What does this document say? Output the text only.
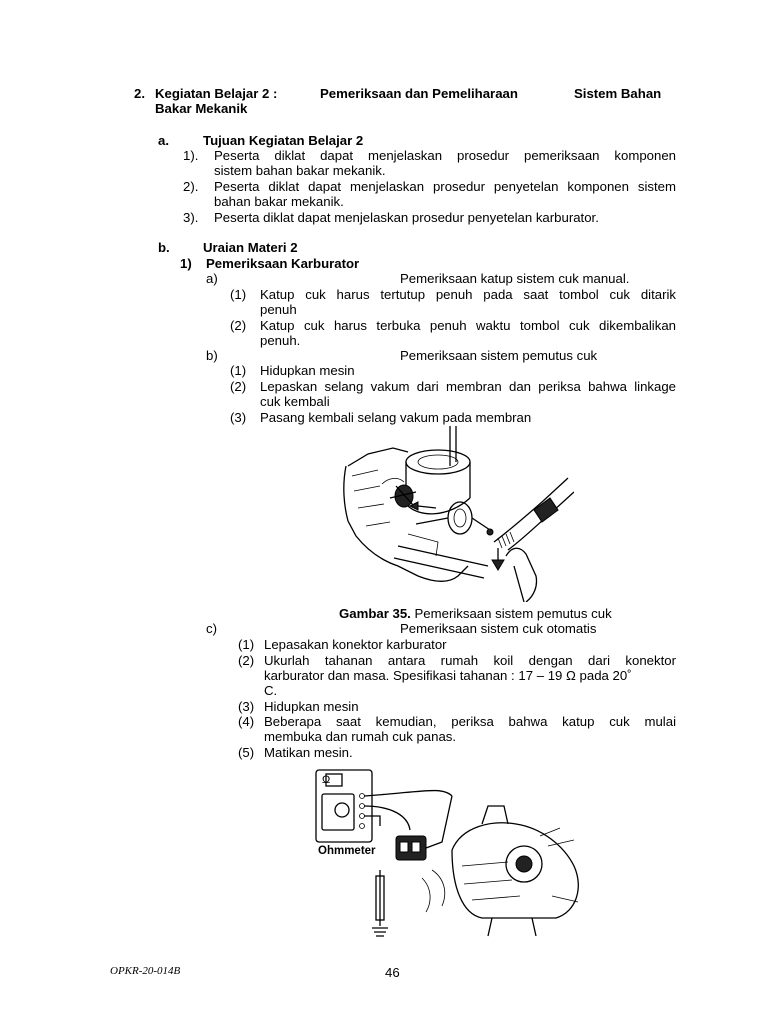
2. Kegiatan Belajar 2 :	Pemeriksaan dan Pemeliharaan	Sistem Bahan
Bakar Mekanik
a.	Tujuan Kegiatan Belajar 2
1). Peserta diklat dapat menjelaskan prosedur pemeriksaan komponen
sistem bahan bakar mekanik.
2). Peserta diklat dapat menjelaskan prosedur penyetelan komponen sistem
bahan bakar mekanik.
3). Peserta diklat dapat menjelaskan prosedur penyetelan karburator.
b.	Uraian Materi 2
1) Pemeriksaan Karburator
a)	Pemeriksaan katup sistem cuk manual.
(1) Katup cuk harus tertutup penuh pada saat tombol cuk ditarik
penuh
(2) Katup cuk harus terbuka penuh waktu tombol cuk dikembalikan
penuh.
b)	Pemeriksaan sistem pemutus cuk
(1) Hidupkan mesin
(2) Lepaskan selang vakum dari membran dan periksa bahwa linkage
cuk kembali
(3) Pasang kembali selang vakum pada membran
Gambar 35. Pemeriksaan sistem pemutus cuk
c)	Pemeriksaan sistem cuk otomatis
(1) Lepasakan konektor karburator
(2) Ukurlah tahanan antara rumah koil dengan dari konektor
karburator dan masa. Spesifikasi tahanan : 17 – 19 Ω pada 20˚
C.
(3) Hidupkan mesin
(4) Beberapa saat kemudian, periksa bahwa katup cuk mulai
membuka dan rumah cuk panas.
(5) Matikan mesin.
Ω
Ohmmeter
OPKR-20-014B	46
